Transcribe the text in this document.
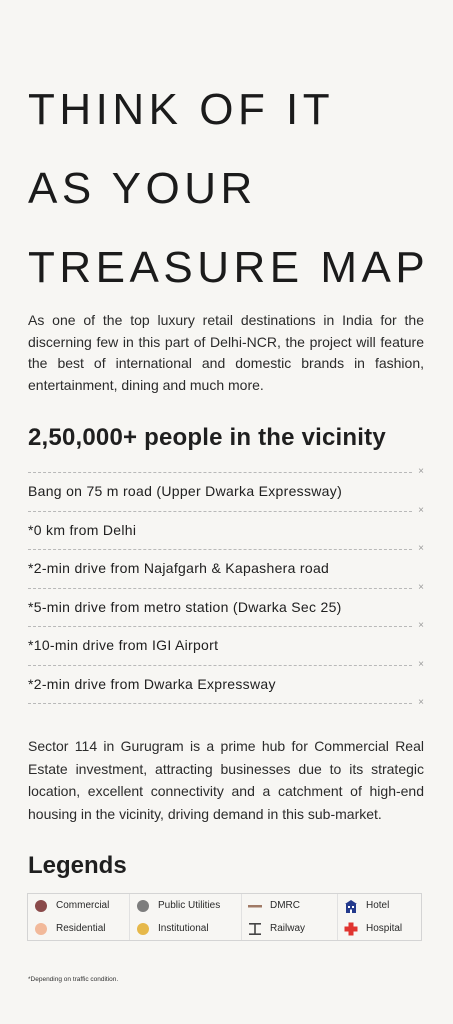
THINK OF IT
AS YOUR
TREASURE MAP

As one of the top luxury retail destinations in India for the discerning few in this part of Delhi-NCR, the project will feature the best of international and domestic brands in fashion, entertainment, dining and much more.

2,50,000+ people in the vicinity
×
Bang on 75 m road (Upper Dwarka Expressway)
×
*0 km from Delhi
×
*2-min drive from Najafgarh & Kapashera road
×
*5-min drive from metro station (Dwarka Sec 25)
×
*10-min drive from IGI Airport
×
*2-min drive from Dwarka Expressway
×

Sector 114 in Gurugram is a prime hub for Commercial Real Estate investment, attracting businesses due to its strategic location, excellent connectivity and a catchment of high-end housing in the vicinity, driving demand in this sub-market.

Legends
Commercial	Public Utilities	DMRC	Hotel
Residential	Institutional	Railway	Hospital
*Depending on traffic condition.
